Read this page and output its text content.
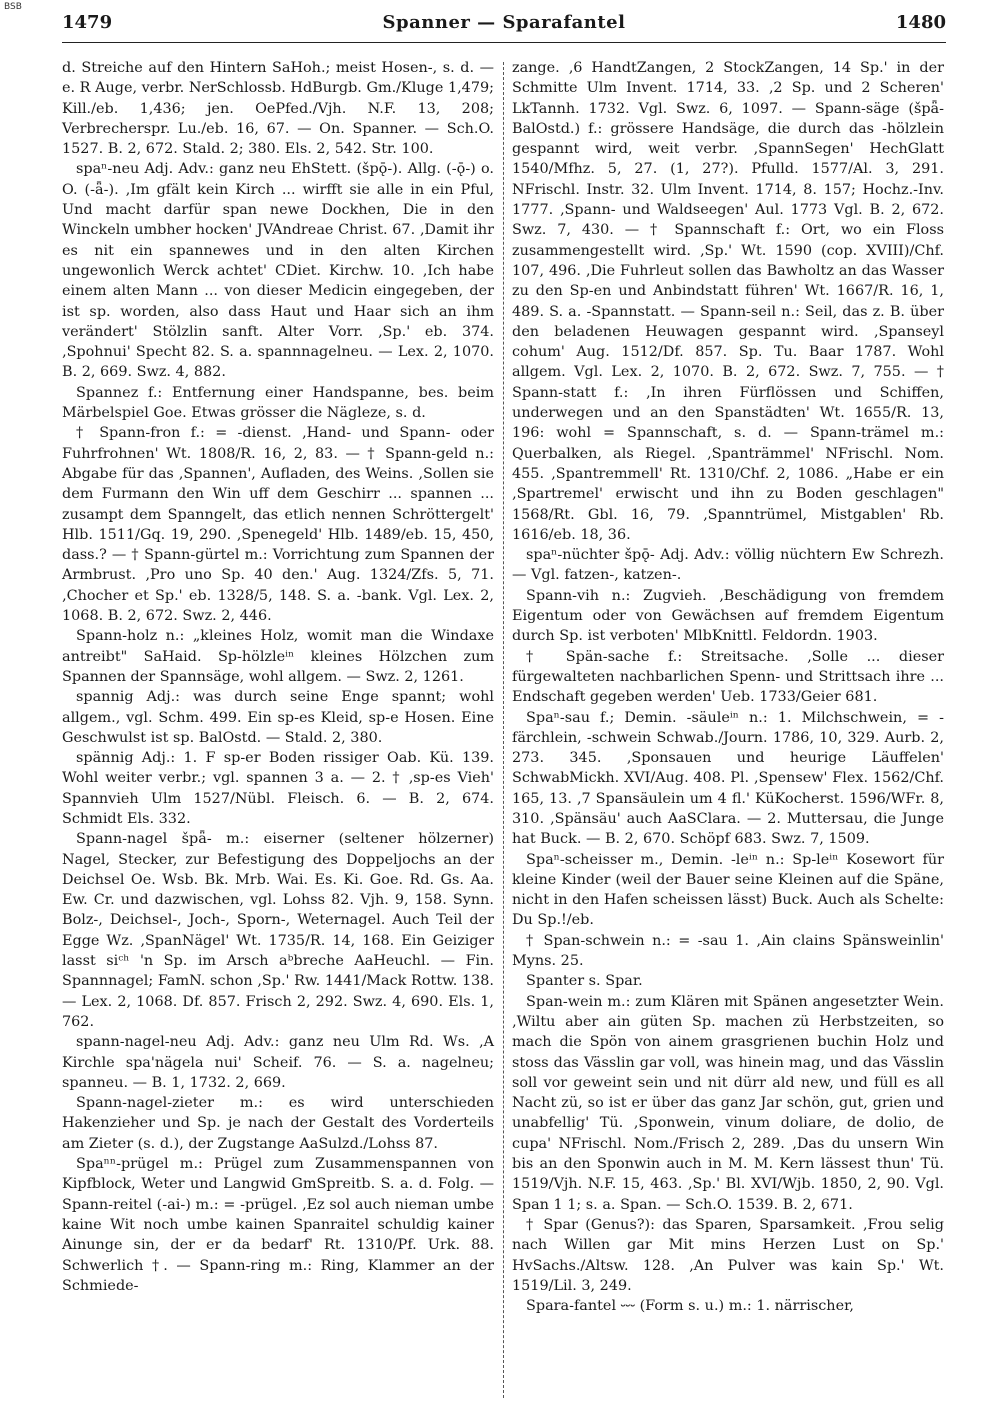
BSB
1479	Spanner — Sparafantel	1480

d. Streiche auf den Hintern SaHoh.; meist Hosen-, s. d. — e. R Auge, verbr. NerSchlossb. HdBurgb. Gm./Kluge 1,479; Kill./eb. 1,436; jen. OePfed./Vjh. N.F. 13, 208; Verbrecherspr. Lu./eb. 16, 67. — On. Spanner. — Sch.O. 1527. B. 2, 672. Stald. 2; 380. Els. 2, 542. Str. 100.

spaⁿ-neu Adj. Adv.: ganz neu EhStett. (špǭ-). Allg. (-ǭ-) o. O. (-ǟ-). ‚Im gfält kein Kirch ... wirfft sie alle in ein Pful, Und macht darfür span newe Dockhen, Die in den Winckeln umbher hocken' JVAndreae Christ. 67. ‚Damit ihr es nit ein spannewes und in den alten Kirchen ungewonlich Werck achtet' CDiet. Kirchw. 10. ‚Ich habe einem alten Mann ... von dieser Medicin eingegeben, der ist sp. worden, also dass Haut und Haar sich an ihm verändert' Stölzlin sanft. Alter Vorr. ‚Sp.' eb. 374. ‚Spohnui' Specht 82. S. a. spannnagelneu. — Lex. 2, 1070. B. 2, 669. Swz. 4, 882.

Spannez f.: Entfernung einer Handspanne, bes. beim Märbelspiel Goe. Etwas grösser die Nägleze, s. d.

† Spann-fron f.: = -dienst. ‚Hand- und Spann- oder Fuhrfrohnen' Wt. 1808/R. 16, 2, 83. — † Spann-geld n.: Abgabe für das ‚Spannen', Aufladen, des Weins. ‚Sollen sie dem Furmann den Win uff dem Geschirr ... spannen ... zusampt dem Spanngelt, das etlich nennen Schröttergelt' Hlb. 1511/Gq. 19, 290. ‚Spenegeld' Hlb. 1489/eb. 15, 450, dass.? — † Spann-gürtel m.: Vorrichtung zum Spannen der Armbrust. ‚Pro uno Sp. 40 den.' Aug. 1324/Zfs. 5, 71. ‚Chocher et Sp.' eb. 1328/5, 148. S. a. -bank. Vgl. Lex. 2, 1068. B. 2, 672. Swz. 2, 446.

Spann-holz n.: „kleines Holz, womit man die Windaxe antreibt" SaHaid. Sp-hölzleⁱⁿ kleines Hölzchen zum Spannen der Spannsäge, wohl allgem. — Swz. 2, 1261.

spannig Adj.: was durch seine Enge spannt; wohl allgem., vgl. Schm. 499. Ein sp-es Kleid, sp-e Hosen. Eine Geschwulst ist sp. BalOstd. — Stald. 2, 380.

spännig Adj.: 1. F sp-er Boden rissiger Oab. Kü. 139. Wohl weiter verbr.; vgl. spannen 3 a. — 2. † ‚sp-es Vieh' Spannvieh Ulm 1527/Nübl. Fleisch. 6. — B. 2, 674. Schmidt Els. 332.

Spann-nagel špǟ- m.: eiserner (seltener hölzerner) Nagel, Stecker, zur Befestigung des Doppeljochs an der Deichsel Oe. Wsb. Bk. Mrb. Wai. Es. Ki. Goe. Rd. Gs. Aa. Ew. Cr. und dazwischen, vgl. Lohss 82. Vjh. 9, 158. Synn. Bolz-, Deichsel-, Joch-, Sporn-, Weternagel. Auch Teil der Egge Wz. ‚SpanNägel' Wt. 1735/R. 14, 168. Ein Geiziger lasst siᶜʰ 'n Sp. im Arsch aᵇbreche AaHeuchl. — Fin. Spannnagel; FamN. schon ‚Sp.' Rw. 1441/Mack Rottw. 138. — Lex. 2, 1068. Df. 857. Frisch 2, 292. Swz. 4, 690. Els. 1, 762.

spann-nagel-neu Adj. Adv.: ganz neu Ulm Rd. Ws. ‚A Kirchle spa'nägela nui' Scheif. 76. — S. a. nagelneu; spanneu. — B. 1, 1732. 2, 669.

Spann-nagel-zieter m.: es wird unterschieden Hakenzieher und Sp. je nach der Gestalt des Vorderteils am Zieter (s. d.), der Zugstange AaSulzd./Lohss 87.

Spaⁿⁿ-prügel m.: Prügel zum Zusammenspannen von Kipfblock, Weter und Langwid GmSpreitb. S. a. d. Folg. — Spann-reitel (-ai-) m.: = -prügel. ‚Ez sol auch nieman umbe kaine Wit noch umbe kainen Spanraitel schuldig kainer Ainunge sin, der er da bedarf' Rt. 1310/Pf. Urk. 88. Schwerlich †. — Spann-ring m.: Ring, Klammer an der Schmiede-

zange. ‚6 HandtZangen, 2 StockZangen, 14 Sp.' in der Schmitte Ulm Invent. 1714, 33. ‚2 Sp. und 2 Scheren' LkTannh. 1732. Vgl. Swz. 6, 1097. — Spann-säge (špǟ- BalOstd.) f.: grössere Handsäge, die durch das -hölzlein gespannt wird, weit verbr. ‚SpannSegen' HechGlatt 1540/Mfhz. 5, 27. (1, 27?). Pfulld. 1577/Al. 3, 291. NFrischl. Instr. 32. Ulm Invent. 1714, 8. 157; Hochz.-Inv. 1777. ‚Spann- und Waldseegen' Aul. 1773 Vgl. B. 2, 672. Swz. 7, 430. — † Spannschaft f.: Ort, wo ein Floss zusammengestellt wird. ‚Sp.' Wt. 1590 (cop. XVIII)/Chf. 107, 496. ‚Die Fuhrleut sollen das Bawholtz an das Wasser zu den Sp-en und Anbindstatt führen' Wt. 1667/R. 16, 1, 489. S. a. -Spannstatt. — Spann-seil n.: Seil, das z. B. über den beladenen Heuwagen gespannt wird. ‚Spanseyl cohum' Aug. 1512/Df. 857. Sp. Tu. Baar 1787. Wohl allgem. Vgl. Lex. 2, 1070. B. 2, 672. Swz. 7, 755. — † Spann-statt f.: ‚In ihren Fürflössen und Schiffen, underwegen und an den Spanstädten' Wt. 1655/R. 13, 196: wohl = Spannschaft, s. d. — Spann-trämel m.: Querbalken, als Riegel. ‚Spanträmmel' NFrischl. Nom. 455. ‚Spantremmell' Rt. 1310/Chf. 2, 1086. „Habe er ein ‚Spartremel' erwischt und ihn zu Boden geschlagen" 1568/Rt. Gbl. 16, 79. ‚Spanntrümel, Mistgablen' Rb. 1616/eb. 18, 36.

spaⁿ-nüchter špǭ- Adj. Adv.: völlig nüchtern Ew Schrezh. — Vgl. fatzen-, katzen-.

Spann-vih n.: Zugvieh. ‚Beschädigung von fremdem Eigentum oder von Gewächsen auf fremdem Eigentum durch Sp. ist verboten' MlbKnittl. Feldordn. 1903.

† Spän-sache f.: Streitsache. ‚Solle ... dieser fürgewalteten nachbarlichen Spenn- und Strittsach ihre ... Endschaft gegeben werden' Ueb. 1733/Geier 681.

Spaⁿ-sau f.; Demin. -säuleⁱⁿ n.: 1. Milchschwein, = -färchlein, -schwein Schwab./Journ. 1786, 10, 329. Aurb. 2, 273. 345. ‚Sponsauen und heurige Läuffelen' SchwabMickh. XVI/Aug. 408. Pl. ‚Spensew' Flex. 1562/Chf. 165, 13. ‚7 Spansäulein um 4 fl.' KüKocherst. 1596/WFr. 8, 310. ‚Spänsäu' auch AaSClara. — 2. Muttersau, die Junge hat Buck. — B. 2, 670. Schöpf 683. Swz. 7, 1509.

Spaⁿ-scheisser m., Demin. -leⁱⁿ n.: Sp-leⁱⁿ Kosewort für kleine Kinder (weil der Bauer seine Kleinen auf die Späne, nicht in den Hafen scheissen lässt) Buck. Auch als Schelte: Du Sp.!/eb.

† Span-schwein n.: = -sau 1. ‚Ain clains Spänsweinlin' Myns. 25.

Spanter s. Spar.

Span-wein m.: zum Klären mit Spänen angesetzter Wein. ‚Wiltu aber ain güten Sp. machen zü Herbstzeiten, so mach die Spön von ainem grasgrienen buchin Holz und stoss das Vässlin gar voll, was hinein mag, und das Vässlin soll vor geweint sein und nit dürr ald new, und füll es all Nacht zü, so ist er über das ganz Jar schön, gut, grien und unabfellig' Tü. ‚Sponwein, vinum doliare, de dolio, de cupa' NFrischl. Nom./Frisch 2, 289. ‚Das du unsern Win bis an den Sponwin auch in M. M. Kern lässest thun' Tü. 1519/Vjh. N.F. 15, 463. ‚Sp.' Bl. XVI/Wjb. 1850, 2, 90. Vgl. Span 1 1; s. a. Span. — Sch.O. 1539. B. 2, 671.

† Spar (Genus?): das Sparen, Sparsamkeit. ‚Frou selig nach Willen gar Mit mins Herzen Lust on Sp.' HvSachs./Altsw. 128. ‚An Pulver was kain Sp.' Wt. 1519/Lil. 3, 249.

Spara-fantel ⏑⏑⏑ (Form s. u.) m.: 1. närrischer,
